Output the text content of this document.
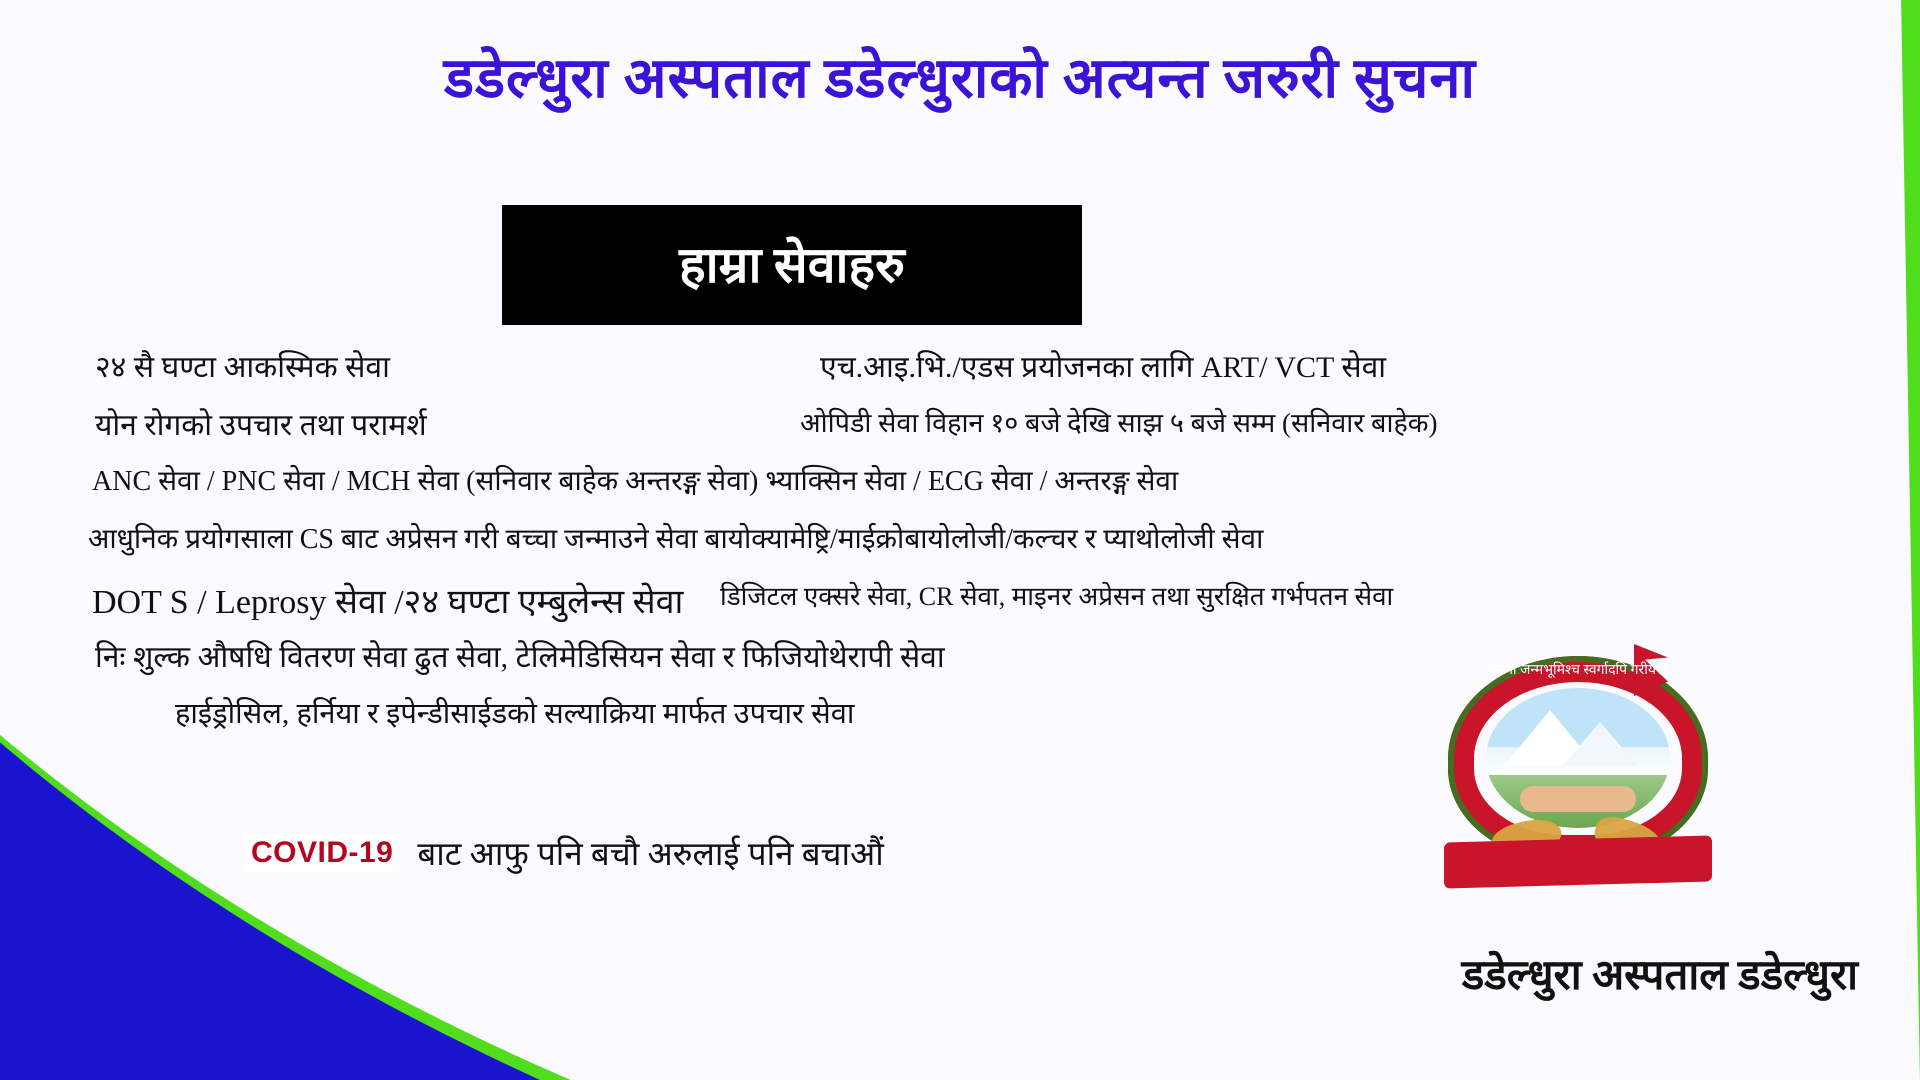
डडेल्धुरा अस्पताल डडेल्धुराको अत्यन्त जरुरी सुचना
हाम्रा सेवाहरु
२४ सै घण्टा आकस्मिक सेवा	एच.आइ.भि./एडस प्रयोजनका लागि ART/ VCT सेवा
योन रोगको उपचार तथा परामर्श	ओपिडी सेवा विहान १० बजे देखि साझ ५ बजे सम्म (सनिवार बाहेक)
ANC सेवा / PNC सेवा / MCH सेवा (सनिवार बाहेक अन्तरङ्ग सेवा) भ्याक्सिन सेवा / ECG सेवा / अन्तरङ्ग सेवा
आधुनिक प्रयोगसाला CS बाट अप्रेसन गरी बच्चा जन्माउने सेवा बायोक्यामेष्ट्रि/माईक्रोबायोलोजी/कल्चर र प्याथोलोजी सेवा
DOT S / Leprosy सेवा /२४ घण्टा एम्बुलेन्स सेवा डिजिटल एक्सरे सेवा, CR सेवा, माइनर अप्रेसन तथा सुरक्षित गर्भपतन सेवा
निः शुल्क औषधि वितरण सेवा ढुत सेवा, टेलिमेडिसियन सेवा र फिजियोथेरापी सेवा
हाईड्रोसिल, हर्निया र इपेन्डीसाईडको सल्याक्रिया मार्फत उपचार सेवा
COVID-19 बाट आफु पनि बचौ अरुलाई पनि बचाऔं
जननी जन्मभूमिश्च स्वर्गादपि गरीयसी
डडेल्धुरा अस्पताल डडेल्धुरा
